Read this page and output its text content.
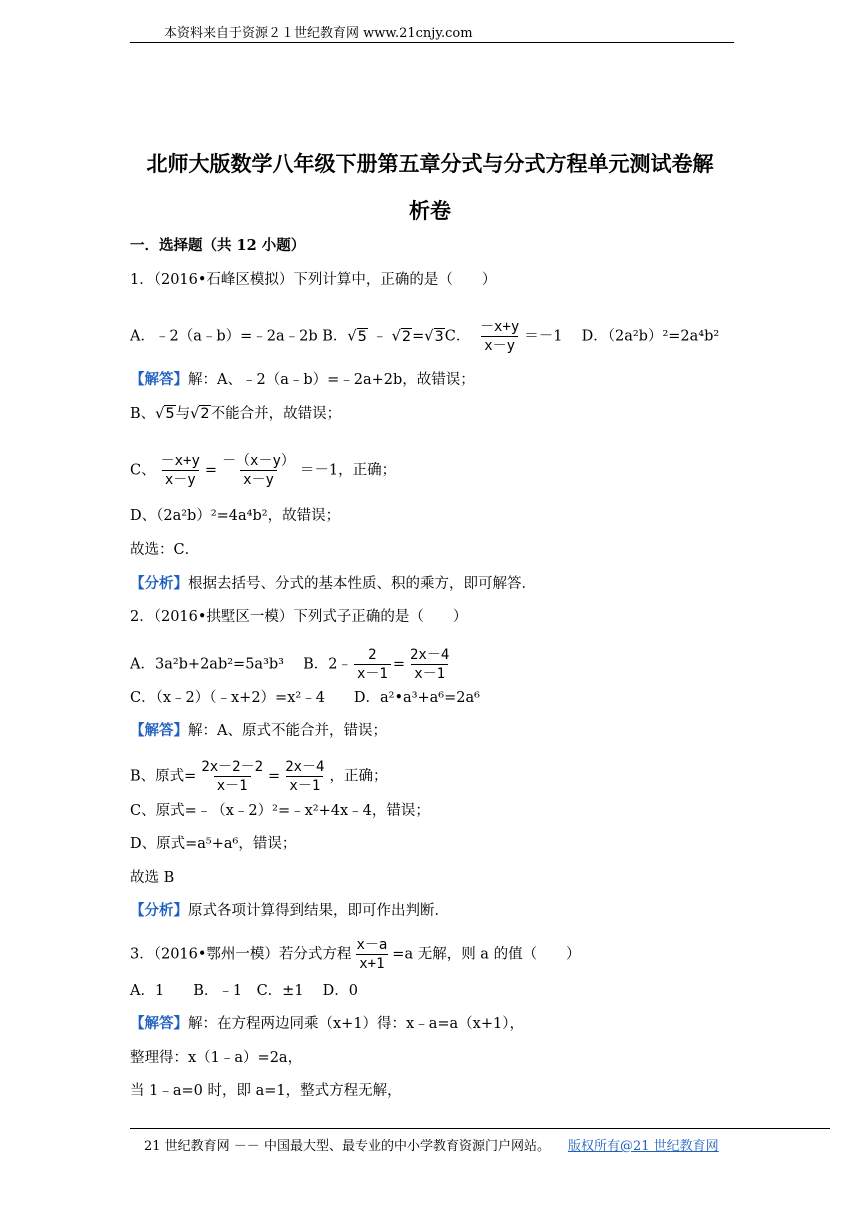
本资料来自于资源２１世纪教育网 www.21cnjy.com
北师大版数学八年级下册第五章分式与分式方程单元测试卷解
析卷
一．选择题（共 12 小题）
1．（2016•石峰区模拟）下列计算中，正确的是（　　）
A．﹣2（a﹣b）=﹣2a﹣2b B．√5 ﹣ √2=√3C． $\frac{-x+y}{x-y} =-1$ 　 D．（2a²b）²=2a⁴b²
【解答】解：A、﹣2（a﹣b）=﹣2a+2b，故错误；
B、√5与√2不能合并，故错误；
C、 $\frac{-x+y}{x-y} = \frac{-(x-y)}{x-y} =-1$，正确；
D、（2a²b）²=4a⁴b²，故错误；
故选：C．
【分析】根据去括号、分式的基本性质、积的乘方，即可解答．
2．（2016•拱墅区一模）下列式子正确的是（　　）
A．3a²b+2ab²=5a³b³　 B．2﹣ $\frac{2}{x-1} = \frac{2x-4}{x-1}$
C．（x﹣2）（﹣x+2）=x²﹣4　　D．a²•a³+a⁶=2a⁶
【解答】解：A、原式不能合并，错误；
B、原式= $\frac{2x-2-2}{x-1} = \frac{2x-4}{x-1}$ ，正确；
C、原式=﹣（x﹣2）²=﹣x²+4x﹣4，错误；
D、原式=a⁵+a⁶，错误；
故选 B
【分析】原式各项计算得到结果，即可作出判断．
3．（2016•鄂州一模）若分式方程 $\frac{x-a}{x+1} =a$ 无解，则 a 的值（　　）
A．1　　B．﹣1　C．±1　 D．0
【解答】解：在方程两边同乘（x+1）得：x﹣a=a（x+1），
整理得：x（1﹣a）=2a，
当 1﹣a=0 时，即 a=1，整式方程无解，
21 世纪教育网 －－ 中国最大型、最专业的中小学教育资源门户网站。 版权所有@21 世纪教育网
